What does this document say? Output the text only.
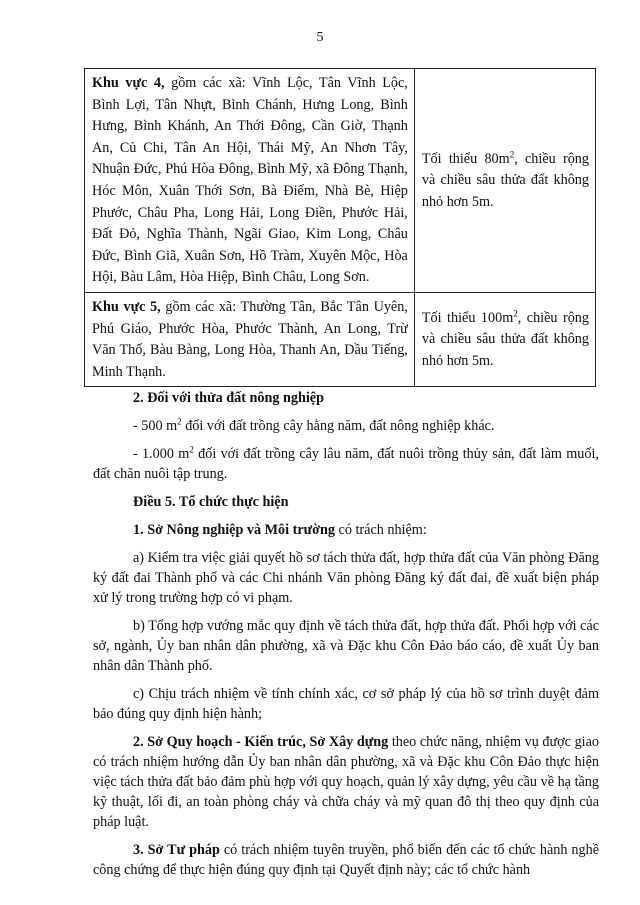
5
Khu vực 4, gồm các xã: Vĩnh Lộc, Tân Vĩnh Lộc, Bình Lợi, Tân Nhựt, Bình Chánh, Hưng Long, Bình Hưng, Bình Khánh, An Thới Đông, Cần Giờ, Thạnh An, Củ Chi, Tân An Hội, Thái Mỹ, An Nhơn Tây, Nhuận Đức, Phú Hòa Đông, Bình Mỹ, xã Đông Thạnh, Hóc Môn, Xuân Thới Sơn, Bà Điểm, Nhà Bè, Hiệp Phước, Châu Pha, Long Hải, Long Điền, Phước Hải, Đất Đỏ, Nghĩa Thành, Ngãi Giao, Kim Long, Châu Đức, Bình Giã, Xuân Sơn, Hồ Tràm, Xuyên Mộc, Hòa Hội, Bàu Lâm, Hòa Hiệp, Bình Châu, Long Sơn.	Tối thiểu $80m^2$, chiều rộng và chiều sâu thửa đất không nhỏ hơn 5m.
Khu vực 5, gồm các xã: Thường Tân, Bắc Tân Uyên, Phú Giáo, Phước Hòa, Phước Thành, An Long, Trừ Văn Thố, Bàu Bàng, Long Hòa, Thanh An, Dầu Tiếng, Minh Thạnh.	Tối thiểu $100m^2$, chiều rộng và chiều sâu thửa đất không nhỏ hơn 5m.

2. Đối với thửa đất nông nghiệp

- 500 $m^2$ đối với đất trồng cây hằng năm, đất nông nghiệp khác.

- 1.000 $m^2$ đối với đất trồng cây lâu năm, đất nuôi trồng thủy sản, đất làm muối, đất chăn nuôi tập trung.

Điều 5. Tổ chức thực hiện

1. Sở Nông nghiệp và Môi trường có trách nhiệm:

a) Kiểm tra việc giải quyết hồ sơ tách thửa đất, hợp thửa đất của Văn phòng Đăng ký đất đai Thành phố và các Chi nhánh Văn phòng Đăng ký đất đai, đề xuất biện pháp xử lý trong trường hợp có vi phạm.

b) Tổng hợp vướng mắc quy định về tách thửa đất, hợp thửa đất. Phối hợp với các sở, ngành, Ủy ban nhân dân phường, xã và Đặc khu Côn Đảo báo cáo, đề xuất Ủy ban nhân dân Thành phố.

c) Chịu trách nhiệm về tính chính xác, cơ sở pháp lý của hồ sơ trình duyệt đảm bảo đúng quy định hiện hành;

2. Sở Quy hoạch - Kiến trúc, Sở Xây dựng theo chức năng, nhiệm vụ được giao có trách nhiệm hướng dẫn Ủy ban nhân dân phường, xã và Đặc khu Côn Đảo thực hiện việc tách thửa đất bảo đảm phù hợp với quy hoạch, quản lý xây dựng, yêu cầu về hạ tầng kỹ thuật, lối đi, an toàn phòng cháy và chữa cháy và mỹ quan đô thị theo quy định của pháp luật.

3. Sở Tư pháp có trách nhiệm tuyên truyền, phổ biến đến các tổ chức hành nghề công chứng để thực hiện đúng quy định tại Quyết định này; các tổ chức hành
